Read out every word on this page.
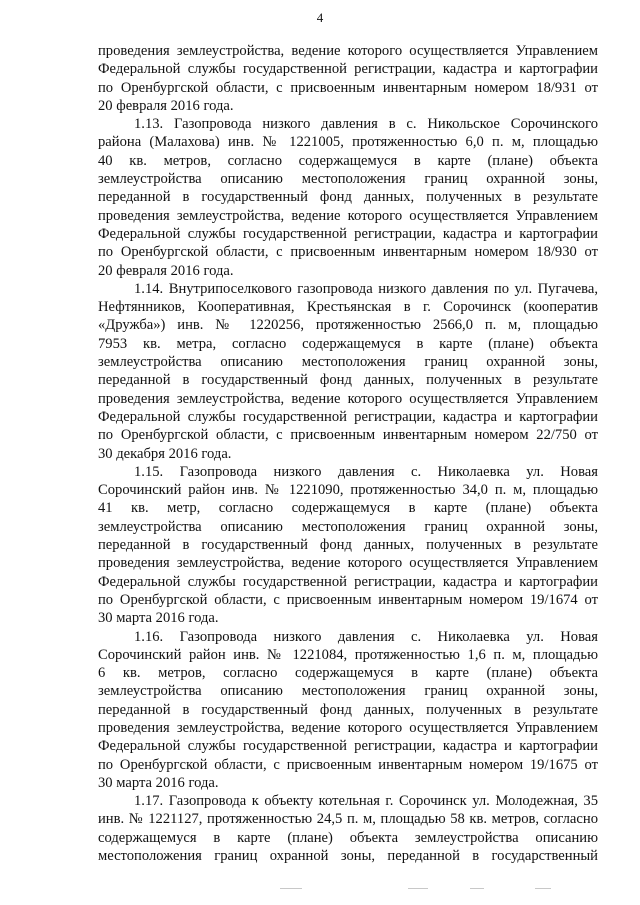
4
проведения землеустройства, ведение которого осуществляется Управлением
Федеральной службы государственной регистрации, кадастра и картографии
по Оренбургской области, с присвоенным инвентарным номером 18/931 от
20 февраля 2016 года.
1.13. Газопровода низкого давления в с. Никольское Сорочинского
района (Малахова) инв. № 1221005, протяженностью 6,0 п. м, площадью
40 кв. метров, согласно содержащемуся в карте (плане) объекта
землеустройства описанию местоположения границ охранной зоны,
переданной в государственный фонд данных, полученных в результате
проведения землеустройства, ведение которого осуществляется Управлением
Федеральной службы государственной регистрации, кадастра и картографии
по Оренбургской области, с присвоенным инвентарным номером 18/930 от
20 февраля 2016 года.
1.14. Внутрипоселкового газопровода низкого давления по ул. Пугачева,
Нефтянников, Кооперативная, Крестьянская в г. Сорочинск (кооператив
«Дружба») инв. № 1220256, протяженностью 2566,0 п. м, площадью
7953 кв. метра, согласно содержащемуся в карте (плане) объекта
землеустройства описанию местоположения границ охранной зоны,
переданной в государственный фонд данных, полученных в результате
проведения землеустройства, ведение которого осуществляется Управлением
Федеральной службы государственной регистрации, кадастра и картографии
по Оренбургской области, с присвоенным инвентарным номером 22/750 от
30 декабря 2016 года.
1.15. Газопровода низкого давления с. Николаевка ул. Новая
Сорочинский район инв. № 1221090, протяженностью 34,0 п. м, площадью
41 кв. метр, согласно содержащемуся в карте (плане) объекта
землеустройства описанию местоположения границ охранной зоны,
переданной в государственный фонд данных, полученных в результате
проведения землеустройства, ведение которого осуществляется Управлением
Федеральной службы государственной регистрации, кадастра и картографии
по Оренбургской области, с присвоенным инвентарным номером 19/1674 от
30 марта 2016 года.
1.16. Газопровода низкого давления с. Николаевка ул. Новая
Сорочинский район инв. № 1221084, протяженностью 1,6 п. м, площадью
6 кв. метров, согласно содержащемуся в карте (плане) объекта
землеустройства описанию местоположения границ охранной зоны,
переданной в государственный фонд данных, полученных в результате
проведения землеустройства, ведение которого осуществляется Управлением
Федеральной службы государственной регистрации, кадастра и картографии
по Оренбургской области, с присвоенным инвентарным номером 19/1675 от
30 марта 2016 года.
1.17. Газопровода к объекту котельная г. Сорочинск ул. Молодежная, 35
инв. № 1221127, протяженностью 24,5 п. м, площадью 58 кв. метров, согласно
содержащемуся в карте (плане) объекта землеустройства описанию
местоположения границ охранной зоны, переданной в государственный
